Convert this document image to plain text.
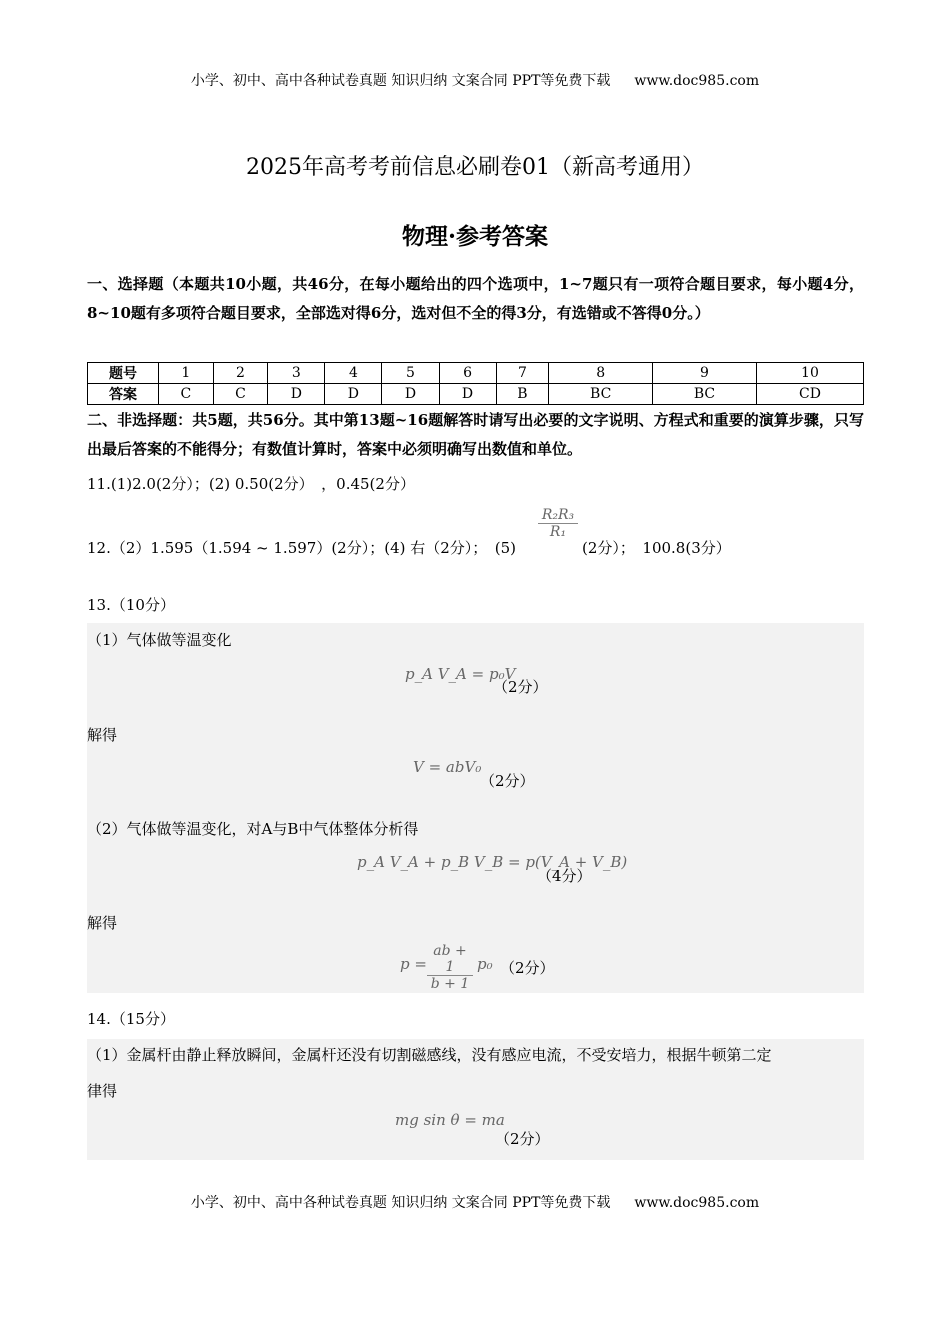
小学、初中、高中各种试卷真题 知识归纳 文案合同 PPT等免费下载 www.doc985.com
2025年高考考前信息必刷卷01（新高考通用）
物理·参考答案
一、选择题（本题共10小题，共46分，在每小题给出的四个选项中，1~7题只有一项符合题目要求，每小题4分，8~10题有多项符合题目要求，全部选对得6分，选对但不全的得3分，有选错或不答得0分。）
题号	1	2	3	4	5	6	7	8	9	10
答案	C	C	D	D	D	D	B	BC	BC	CD
二、非选择题：共5题，共56分。其中第13题~16题解答时请写出必要的文字说明、方程式和重要的演算步骤，只写出最后答案的不能得分；有数值计算时，答案中必须明确写出数值和单位。
11.(1)2.0(2分）；(2) 0.50(2分）　，0.45(2分）
12.（2）1.595（1.594 ~ 1.597）(2分）；(4) 右（2分）；　(5)
$\frac{\text{R₂R₃}}{\text{R₁}}$
(2分）；　100.8(3分）
13.（10分）
（1）气体做等温变化
p_A V_A = p₀V
（2分）
解得
V = abV₀
（2分）
（2）气体做等温变化，对A与B中气体整体分析得
p_A V_A + p_B V_B = p(V_A + V_B)
（4分）
解得
$p = \frac{ab + 1}{b + 1} p_0$ （2分）
14.（15分）
（1）金属杆由静止释放瞬间，金属杆还没有切割磁感线，没有感应电流，不受安培力，根据牛顿第二定
律得
mg sin θ = ma
（2分）
小学、初中、高中各种试卷真题 知识归纳 文案合同 PPT等免费下载 www.doc985.com
